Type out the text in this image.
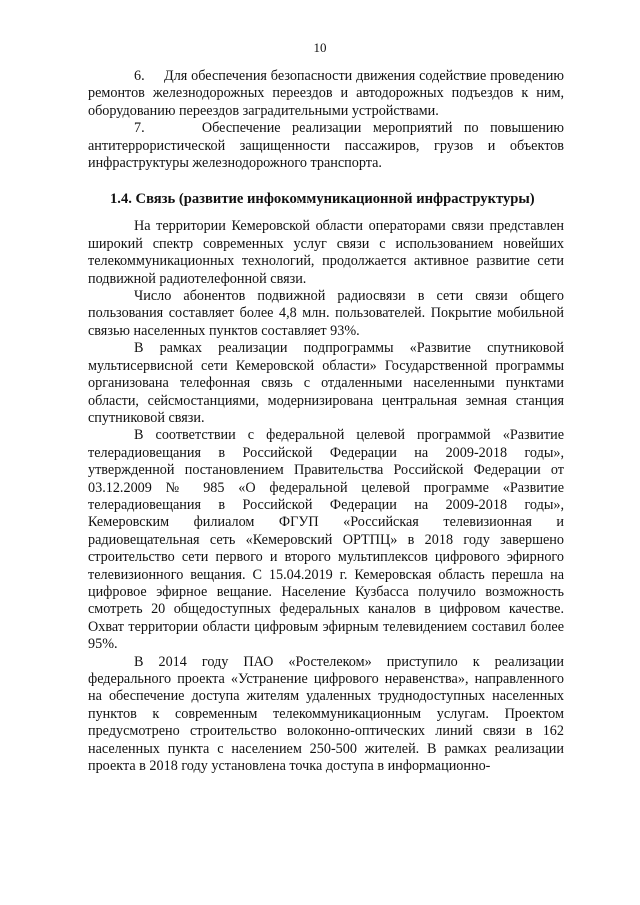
10

6.     Для обеспечения безопасности движения содействие проведению ремонтов железнодорожных переездов и автодорожных подъездов к ним, оборудованию переездов заградительными устройствами.

7.     Обеспечение реализации мероприятий по повышению антитеррористической защищенности пассажиров, грузов и объектов инфраструктуры железнодорожного транспорта.

1.4. Связь (развитие инфокоммуникационной инфраструктуры)

На территории Кемеровской области операторами связи представлен широкий спектр современных услуг связи с использованием новейших телекоммуникационных технологий, продолжается активное развитие сети подвижной радиотелефонной связи.

Число абонентов подвижной радиосвязи в сети связи общего пользования составляет более 4,8 млн. пользователей. Покрытие мобильной связью населенных пунктов составляет 93%.

В рамках реализации подпрограммы «Развитие спутниковой мультисервисной сети Кемеровской области» Государственной программы организована телефонная связь с отдаленными населенными пунктами области, сейсмостанциями, модернизирована центральная земная станция спутниковой связи.

В соответствии с федеральной целевой программой «Развитие телерадиовещания в Российской Федерации на 2009-2018 годы», утвержденной постановлением Правительства Российской Федерации от 03.12.2009 № 985 «О федеральной целевой программе «Развитие телерадиовещания в Российской Федерации на 2009-2018 годы», Кемеровским филиалом ФГУП «Российская телевизионная и радиовещательная сеть «Кемеровский ОРТПЦ» в 2018 году завершено строительство сети первого и второго мультиплексов цифрового эфирного телевизионного вещания. С 15.04.2019 г. Кемеровская область перешла на цифровое эфирное вещание. Население Кузбасса получило возможность смотреть 20 общедоступных федеральных каналов в цифровом качестве. Охват территории области цифровым эфирным телевидением составил более 95%.

В 2014 году ПАО «Ростелеком» приступило к реализации федерального проекта «Устранение цифрового неравенства», направленного на обеспечение доступа жителям удаленных труднодоступных населенных пунктов к современным телекоммуникационным услугам. Проектом предусмотрено строительство волоконно-оптических линий связи в 162 населенных пункта с населением 250-500 жителей. В рамках реализации проекта в 2018 году установлена точка доступа в информационно-
